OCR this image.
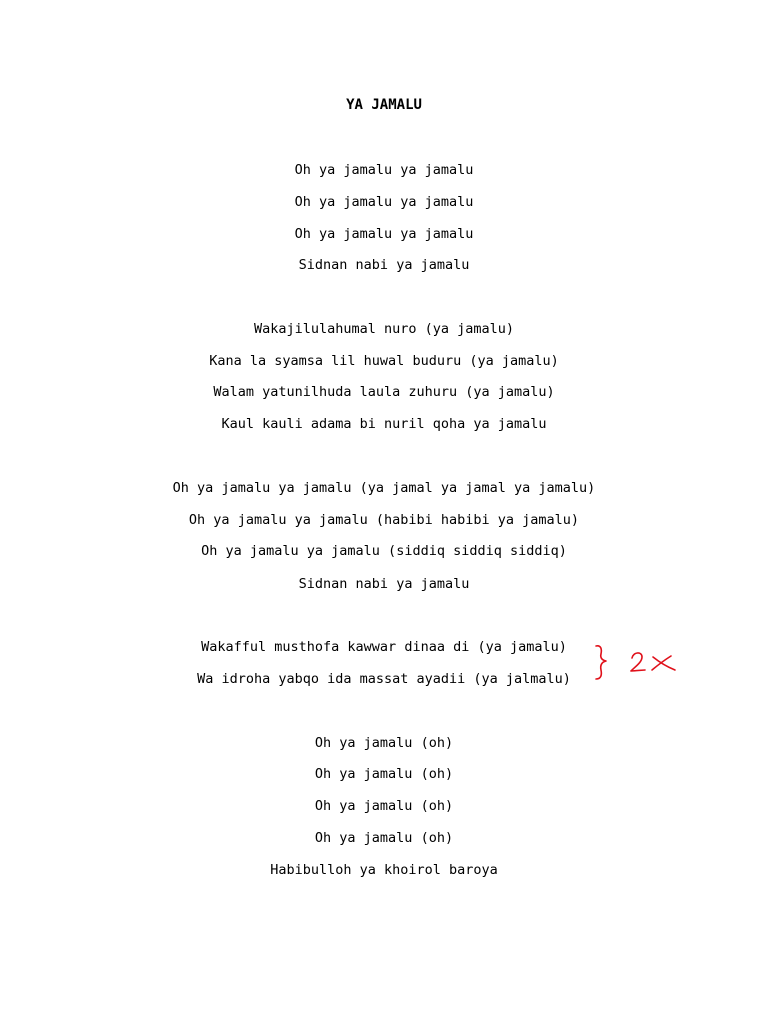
YA JAMALU
Oh ya jamalu ya jamalu
Oh ya jamalu ya jamalu
Oh ya jamalu ya jamalu
Sidnan nabi ya jamalu
Wakajilulahumal nuro (ya jamalu)
Kana la syamsa lil huwal buduru (ya jamalu)
Walam yatunilhuda laula zuhuru (ya jamalu)
Kaul kauli adama bi nuril qoha ya jamalu
Oh ya jamalu ya jamalu (ya jamal ya jamal ya jamalu)
Oh ya jamalu ya jamalu (habibi habibi ya jamalu)
Oh ya jamalu ya jamalu (siddiq siddiq siddiq)
Sidnan nabi ya jamalu
Wakafful musthofa kawwar dinaa di (ya jamalu)
Wa idroha yabqo ida massat ayadii (ya jalmalu)
Oh ya jamalu (oh)
Oh ya jamalu (oh)
Oh ya jamalu (oh)
Oh ya jamalu (oh)
Habibulloh ya khoirol baroya
